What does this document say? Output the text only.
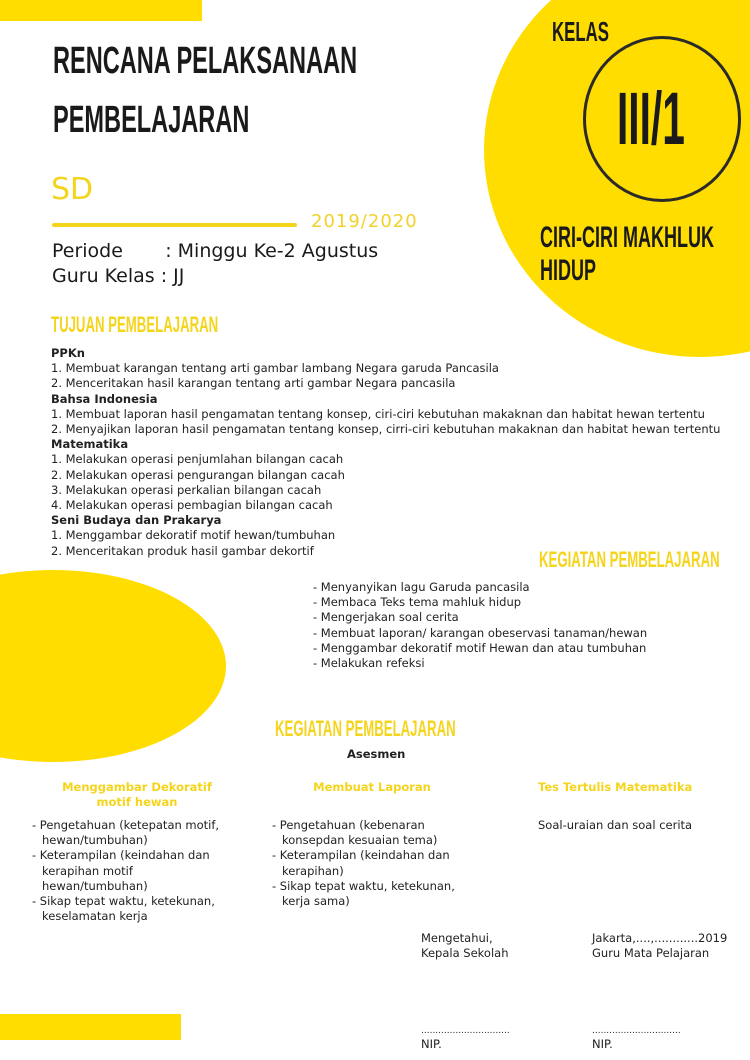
RENCANA PELAKSANAAN
PEMBELAJARAN
SD
2019/2020
Periode       : Minggu Ke-2 Agustus
Guru Kelas : JJ
KELAS
III/1
CIRI-CIRI MAKHLUK
HIDUP
TUJUAN PEMBELAJARAN
PPKn
1. Membuat karangan tentang arti gambar lambang Negara garuda Pancasila
2. Menceritakan hasil karangan tentang arti gambar Negara pancasila
Bahsa Indonesia
1. Membuat laporan hasil pengamatan tentang konsep, ciri-ciri kebutuhan makaknan dan habitat hewan tertentu
2. Menyajikan laporan hasil pengamatan tentang konsep, cirri-ciri kebutuhan makaknan dan habitat hewan tertentu
Matematika
1. Melakukan operasi penjumlahan bilangan cacah
2. Melakukan operasi pengurangan bilangan cacah
3. Melakukan operasi perkalian bilangan cacah
4. Melakukan operasi pembagian bilangan cacah
Seni Budaya dan Prakarya
1. Menggambar dekoratif motif hewan/tumbuhan
2. Menceritakan produk hasil gambar dekortif	KEGIATAN PEMBELAJARAN
- Menyanyikan lagu Garuda pancasila
- Membaca Teks tema mahluk hidup
- Mengerjakan soal cerita
- Membuat laporan/ karangan obeservasi tanaman/hewan
- Menggambar dekoratif motif Hewan dan atau tumbuhan
- Melakukan refeksi
KEGIATAN PEMBELAJARAN
Asesmen
Menggambar Dekoratif
motif hewan
- Pengetahuan (ketepatan motif, hewan/tumbuhan)
- Keterampilan (keindahan dan kerapihan motif hewan/tumbuhan)
- Sikap tepat waktu, ketekunan, keselamatan kerja
Membuat Laporan
- Pengetahuan (kebenaran konsepdan kesuaian tema)
- Keterampilan (keindahan dan kerapihan)
- Sikap tepat waktu, ketekunan, kerja sama)
Tes Tertulis Matematika
Soal-uraian dan soal cerita
Mengetahui,
Kepala Sekolah
...............................
NIP.
Jakarta,....,............2019
Guru Mata Pelajaran
...............................
NIP.
